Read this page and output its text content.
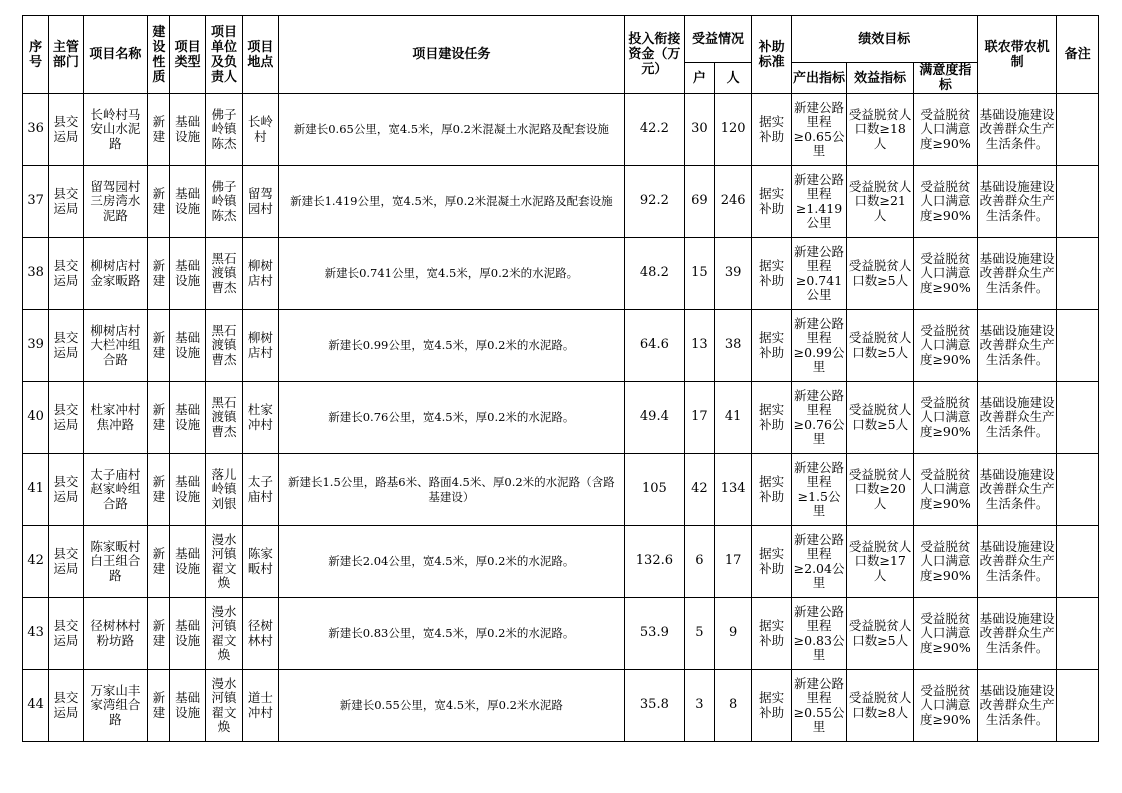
序号	主管部门	项目名称	建设性质	项目类型	项目单位及负责人	项目地点	项目建设任务	投入衔接资金（万元）	受益情况		补助标准	绩效目标			联农带农机制	备注
									户	人		产出指标	效益指标	满意度指标		
36	县交运局	长岭村马安山水泥路	新建	基础设施	佛子岭镇陈杰	长岭村	新建长0.65公里，宽4.5米，厚0.2米混凝土水泥路及配套设施	42.2	30	120	据实补助	新建公路里程≥0.65公里	受益脱贫人口数≥18人	受益脱贫人口满意度≥90%	基础设施建设改善群众生产生活条件。	
37	县交运局	留驾园村三房湾水泥路	新建	基础设施	佛子岭镇陈杰	留驾园村	新建长1.419公里，宽4.5米，厚0.2米混凝土水泥路及配套设施	92.2	69	246	据实补助	新建公路里程≥1.419公里	受益脱贫人口数≥21人	受益脱贫人口满意度≥90%	基础设施建设改善群众生产生活条件。	
38	县交运局	柳树店村金家畈路	新建	基础设施	黑石渡镇曹杰	柳树店村	新建长0.741公里，宽4.5米，厚0.2米的水泥路。	48.2	15	39	据实补助	新建公路里程≥0.741公里	受益脱贫人口数≥5人	受益脱贫人口满意度≥90%	基础设施建设改善群众生产生活条件。	
39	县交运局	柳树店村大栏冲组合路	新建	基础设施	黑石渡镇曹杰	柳树店村	新建长0.99公里，宽4.5米，厚0.2米的水泥路。	64.6	13	38	据实补助	新建公路里程≥0.99公里	受益脱贫人口数≥5人	受益脱贫人口满意度≥90%	基础设施建设改善群众生产生活条件。	
40	县交运局	杜家冲村焦冲路	新建	基础设施	黑石渡镇曹杰	杜家冲村	新建长0.76公里，宽4.5米，厚0.2米的水泥路。	49.4	17	41	据实补助	新建公路里程≥0.76公里	受益脱贫人口数≥5人	受益脱贫人口满意度≥90%	基础设施建设改善群众生产生活条件。	
41	县交运局	太子庙村赵家岭组合路	新建	基础设施	落儿岭镇刘银	太子庙村	新建长1.5公里，路基6米、路面4.5米、厚0.2米的水泥路（含路基建设）	105	42	134	据实补助	新建公路里程≥1.5公里	受益脱贫人口数≥20人	受益脱贫人口满意度≥90%	基础设施建设改善群众生产生活条件。	
42	县交运局	陈家畈村白王组合路	新建	基础设施	漫水河镇翟文焕	陈家畈村	新建长2.04公里，宽4.5米，厚0.2米的水泥路。	132.6	6	17	据实补助	新建公路里程≥2.04公里	受益脱贫人口数≥17人	受益脱贫人口满意度≥90%	基础设施建设改善群众生产生活条件。	
43	县交运局	径树林村粉坊路	新建	基础设施	漫水河镇翟文焕	径树林村	新建长0.83公里，宽4.5米，厚0.2米的水泥路。	53.9	5	9	据实补助	新建公路里程≥0.83公里	受益脱贫人口数≥5人	受益脱贫人口满意度≥90%	基础设施建设改善群众生产生活条件。	
44	县交运局	万家山丰家湾组合路	新建	基础设施	漫水河镇翟文焕	道士冲村	新建长0.55公里，宽4.5米，厚0.2米水泥路	35.8	3	8	据实补助	新建公路里程≥0.55公里	受益脱贫人口数≥8人	受益脱贫人口满意度≥90%	基础设施建设改善群众生产生活条件。	
